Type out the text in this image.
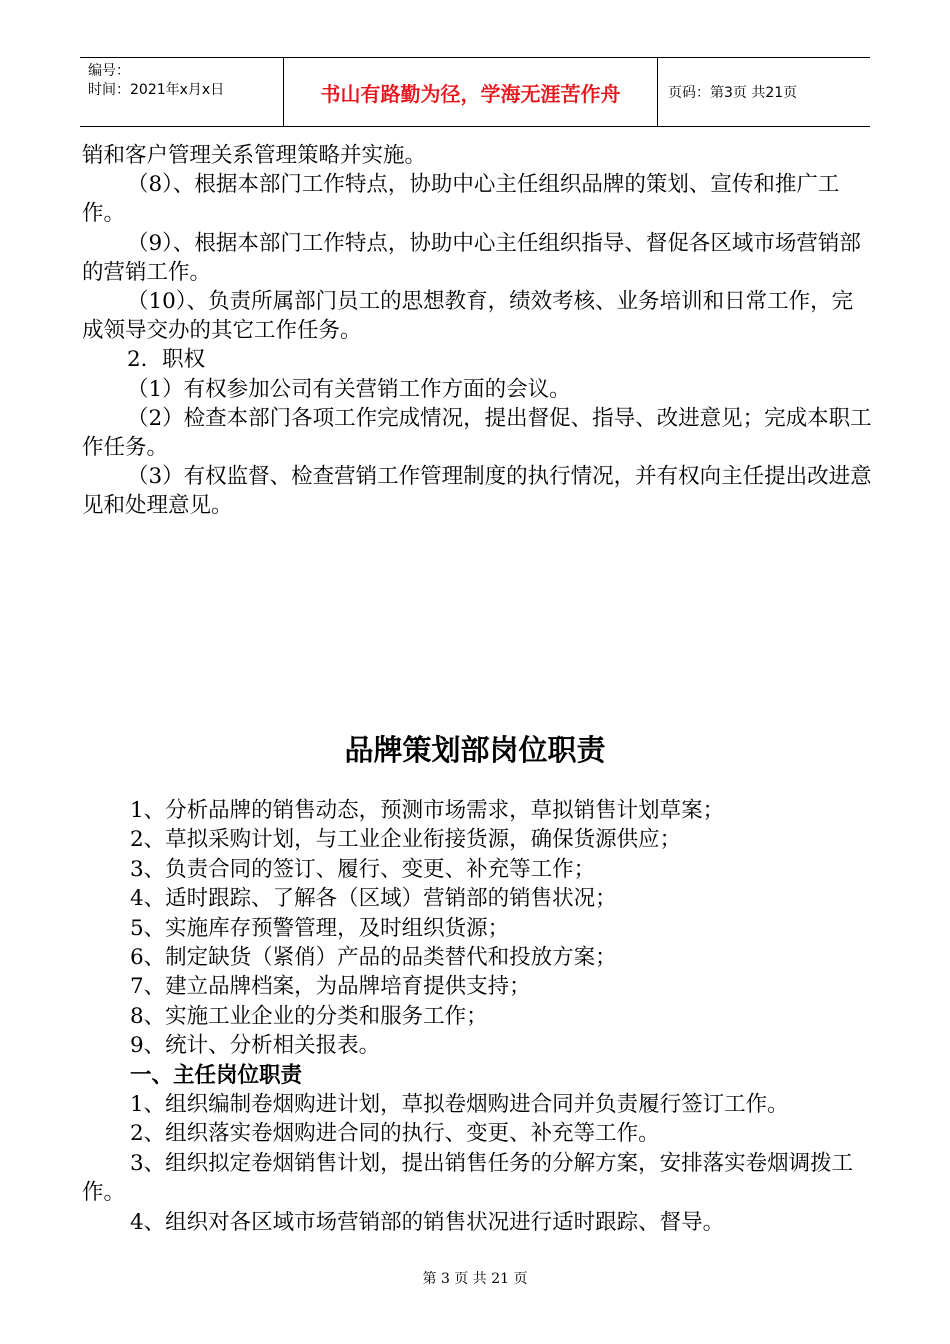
编号：
时间：2021年x月x日	书山有路勤为径，学海无涯苦作舟	页码：第3页 共21页

销和客户管理关系管理策略并实施。

（8）、根据本部门工作特点，协助中心主任组织品牌的策划、宣传和推广工作。

（9）、根据本部门工作特点，协助中心主任组织指导、督促各区域市场营销部的营销工作。

（10）、负责所属部门员工的思想教育，绩效考核、业务培训和日常工作，完成领导交办的其它工作任务。

2．职权

（1）有权参加公司有关营销工作方面的会议。

（2）检查本部门各项工作完成情况，提出督促、指导、改进意见；完成本职工作任务。

（3）有权监督、检查营销工作管理制度的执行情况，并有权向主任提出改进意见和处理意见。

品牌策划部岗位职责

1、分析品牌的销售动态，预测市场需求，草拟销售计划草案；

2、草拟采购计划，与工业企业衔接货源，确保货源供应；

3、负责合同的签订、履行、变更、补充等工作；

4、适时跟踪、了解各（区域）营销部的销售状况；

5、实施库存预警管理，及时组织货源；

6、制定缺货（紧俏）产品的品类替代和投放方案；

7、建立品牌档案，为品牌培育提供支持；

8、实施工业企业的分类和服务工作；

9、统计、分析相关报表。

一、主任岗位职责

1、组织编制卷烟购进计划，草拟卷烟购进合同并负责履行签订工作。

2、组织落实卷烟购进合同的执行、变更、补充等工作。

3、组织拟定卷烟销售计划，提出销售任务的分解方案，安排落实卷烟调拨工作。

4、组织对各区域市场营销部的销售状况进行适时跟踪、督导。

第 3 页 共 21 页
